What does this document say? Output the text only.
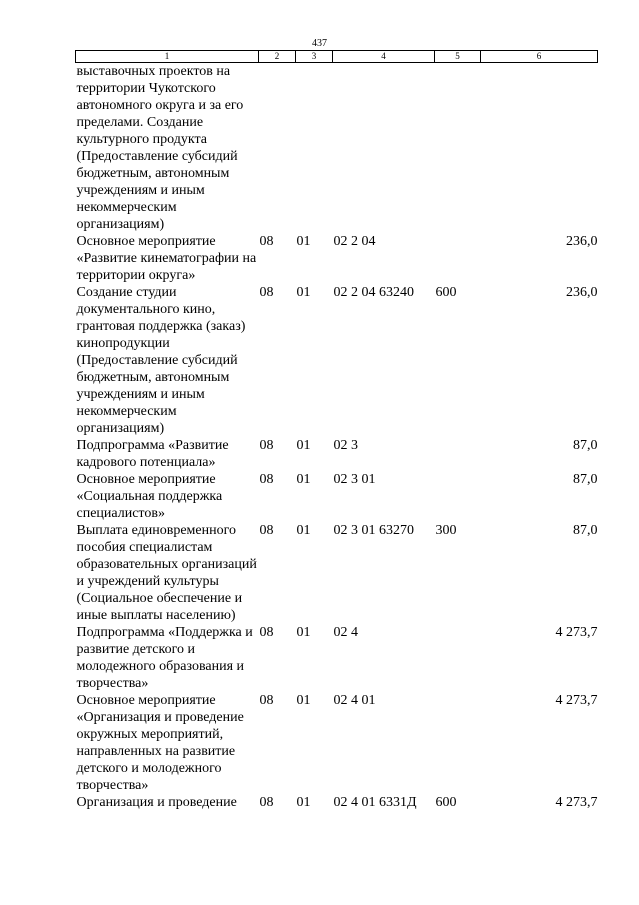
437
1	2	3	4	5	6
выставочных проектов на территории Чукотского автономного округа и за его пределами. Создание культурного продукта (Предоставление субсидий бюджетным, автономным учреждениям и иным некоммерческим организациям)					
Основное мероприятие «Развитие кинематографии на территории округа»	08	01	02 2 04		236,0
Создание студии документального кино, грантовая поддержка (заказ) кинопродукции (Предоставление субсидий бюджетным, автономным учреждениям и иным некоммерческим организациям)	08	01	02 2 04 63240	600	236,0
Подпрограмма «Развитие кадрового потенциала»	08	01	02 3		87,0
Основное мероприятие «Социальная поддержка специалистов»	08	01	02 3 01		87,0
Выплата единовременного пособия специалистам образовательных организаций и учреждений культуры (Социальное обеспечение и иные выплаты населению)	08	01	02 3 01 63270	300	87,0
Подпрограмма «Поддержка и развитие детского и молодежного образования и творчества»	08	01	02 4		4 273,7
Основное мероприятие «Организация и проведение окружных мероприятий, направленных на развитие детского и молодежного творчества»	08	01	02 4 01		4 273,7
Организация и проведение	08	01	02 4 01 6331Д	600	4 273,7
